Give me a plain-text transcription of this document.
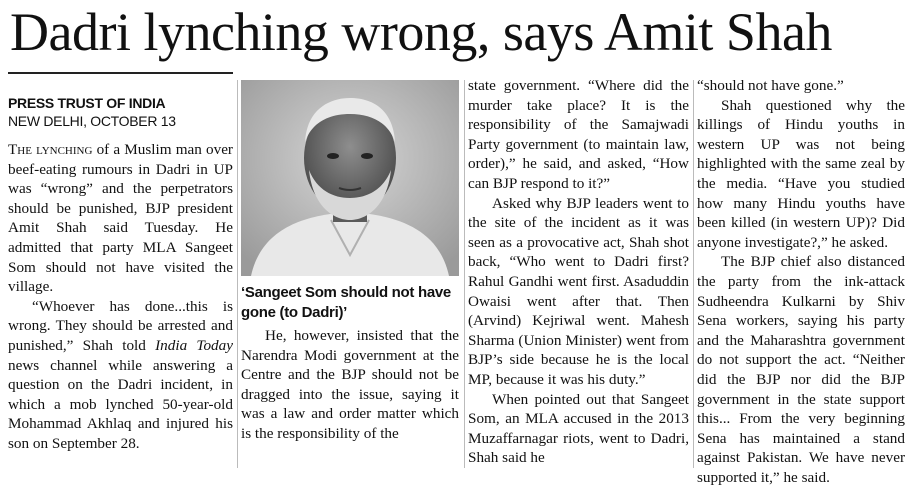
Dadri lynching wrong, says Amit Shah
PRESS TRUST OF INDIA
NEW DELHI, OCTOBER 13

The lynching of a Muslim man over beef-eating rumours in Dadri in UP was “wrong” and the perpetrators should be punished, BJP president Amit Shah said Tuesday. He admitted that party MLA Sangeet Som should not have visited the village.

“Whoever has done...this is wrong. They should be arrested and punished,” Shah told India Today news channel while answering a question on the Dadri incident, in which a mob lynched 50-year-old Mohammad Akhlaq and injured his son on September 28.

‘Sangeet Som should not have gone (to Dadri)’

He, however, insisted that the Narendra Modi government at the Centre and the BJP should not be dragged into the issue, saying it was a law and order matter which is the responsibility of the

state government. “Where did the murder take place? It is the responsibility of the Samajwadi Party government (to maintain law, order),” he said, and asked, “How can BJP respond to it?”

Asked why BJP leaders went to the site of the incident as it was seen as a provocative act, Shah shot back, “Who went to Dadri first? Rahul Gandhi went first. Asaduddin Owaisi went after that. Then (Arvind) Kejriwal went. Mahesh Sharma (Union Minister) went from BJP’s side because he is the local MP, because it was his duty.”

When pointed out that Sangeet Som, an MLA accused in the 2013 Muzaffarnagar riots, went to Dadri, Shah said he

“should not have gone.”

Shah questioned why the killings of Hindu youths in western UP was not being highlighted with the same zeal by the media. “Have you studied how many Hindu youths have been killed (in western UP)? Did anyone investigate?,” he asked.

The BJP chief also distanced the party from the ink-attack Sudheendra Kulkarni by Shiv Sena workers, saying his party and the Maharashtra government do not support the act. “Neither did the BJP nor did the BJP government in the state support this... From the very beginning Sena has maintained a stand against Pakistan. We have never supported it,” he said.
